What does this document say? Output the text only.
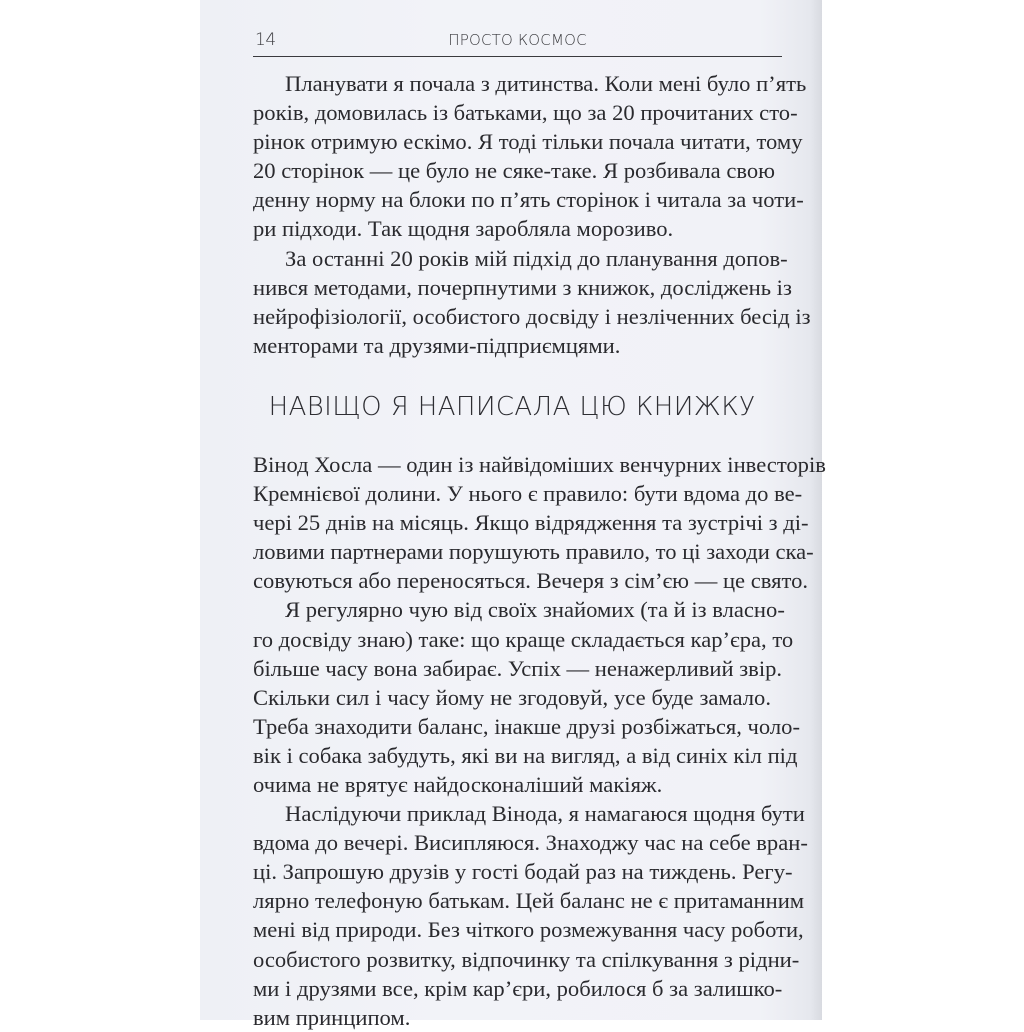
14	ПРОСТО КОСМОС

Планувати я почала з дитинства. Коли мені було п’ять
років, домовилась із батьками, що за 20 прочитаних сто-
рінок отримую ескімо. Я тоді тільки почала читати, тому
20 сторінок — це було не сяке-таке. Я розбивала свою
денну норму на блоки по п’ять сторінок і читала за чоти-
ри підходи. Так щодня заробляла морозиво.

За останні 20 років мій підхід до планування допов-
нився методами, почерпнутими з книжок, досліджень із
нейрофізіології, особистого досвіду і незліченних бесід із
менторами та друзями-підприємцями.

НАВІЩО Я НАПИСАЛА ЦЮ КНИЖКУ

Вінод Хосла — один із найвідоміших венчурних інвесторів
Кремнієвої долини. У нього є правило: бути вдома до ве-
чері 25 днів на місяць. Якщо відрядження та зустрічі з ді-
ловими партнерами порушують правило, то ці заходи ска-
совуються або переносяться. Вечеря з сім’єю — це свято.

Я регулярно чую від своїх знайомих (та й із власно-
го досвіду знаю) таке: що краще складається кар’єра, то
більше часу вона забирає. Успіх — ненажерливий звір.
Скільки сил і часу йому не згодовуй, усе буде замало.
Треба знаходити баланс, інакше друзі розбіжаться, чоло-
вік і собака забудуть, які ви на вигляд, а від синіх кіл під
очима не врятує найдосконаліший макіяж.

Наслідуючи приклад Вінода, я намагаюся щодня бути
вдома до вечері. Висипляюся. Знаходжу час на себе вран-
ці. Запрошую друзів у гості бодай раз на тиждень. Регу-
лярно телефоную батькам. Цей баланс не є притаманним
мені від природи. Без чіткого розмежування часу роботи,
особистого розвитку, відпочинку та спілкування з рідни-
ми і друзями все, крім кар’єри, робилося б за залишко-
вим принципом.
